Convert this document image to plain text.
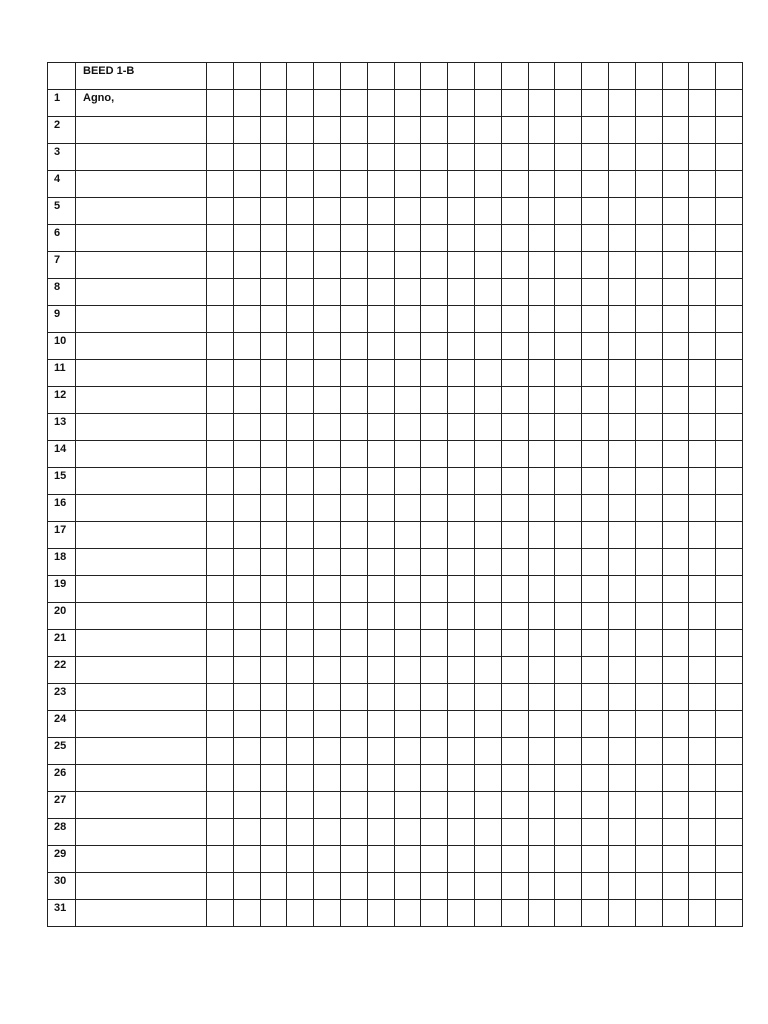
	BEED 1-B																				
1	Agno,																				
2																					
3																					
4																					
5																					
6																					
7																					
8																					
9																					
10																					
11																					
12																					
13																					
14																					
15																					
16																					
17																					
18																					
19																					
20																					
21																					
22																					
23																					
24																					
25																					
26																					
27																					
28																					
29																					
30																					
31																					
